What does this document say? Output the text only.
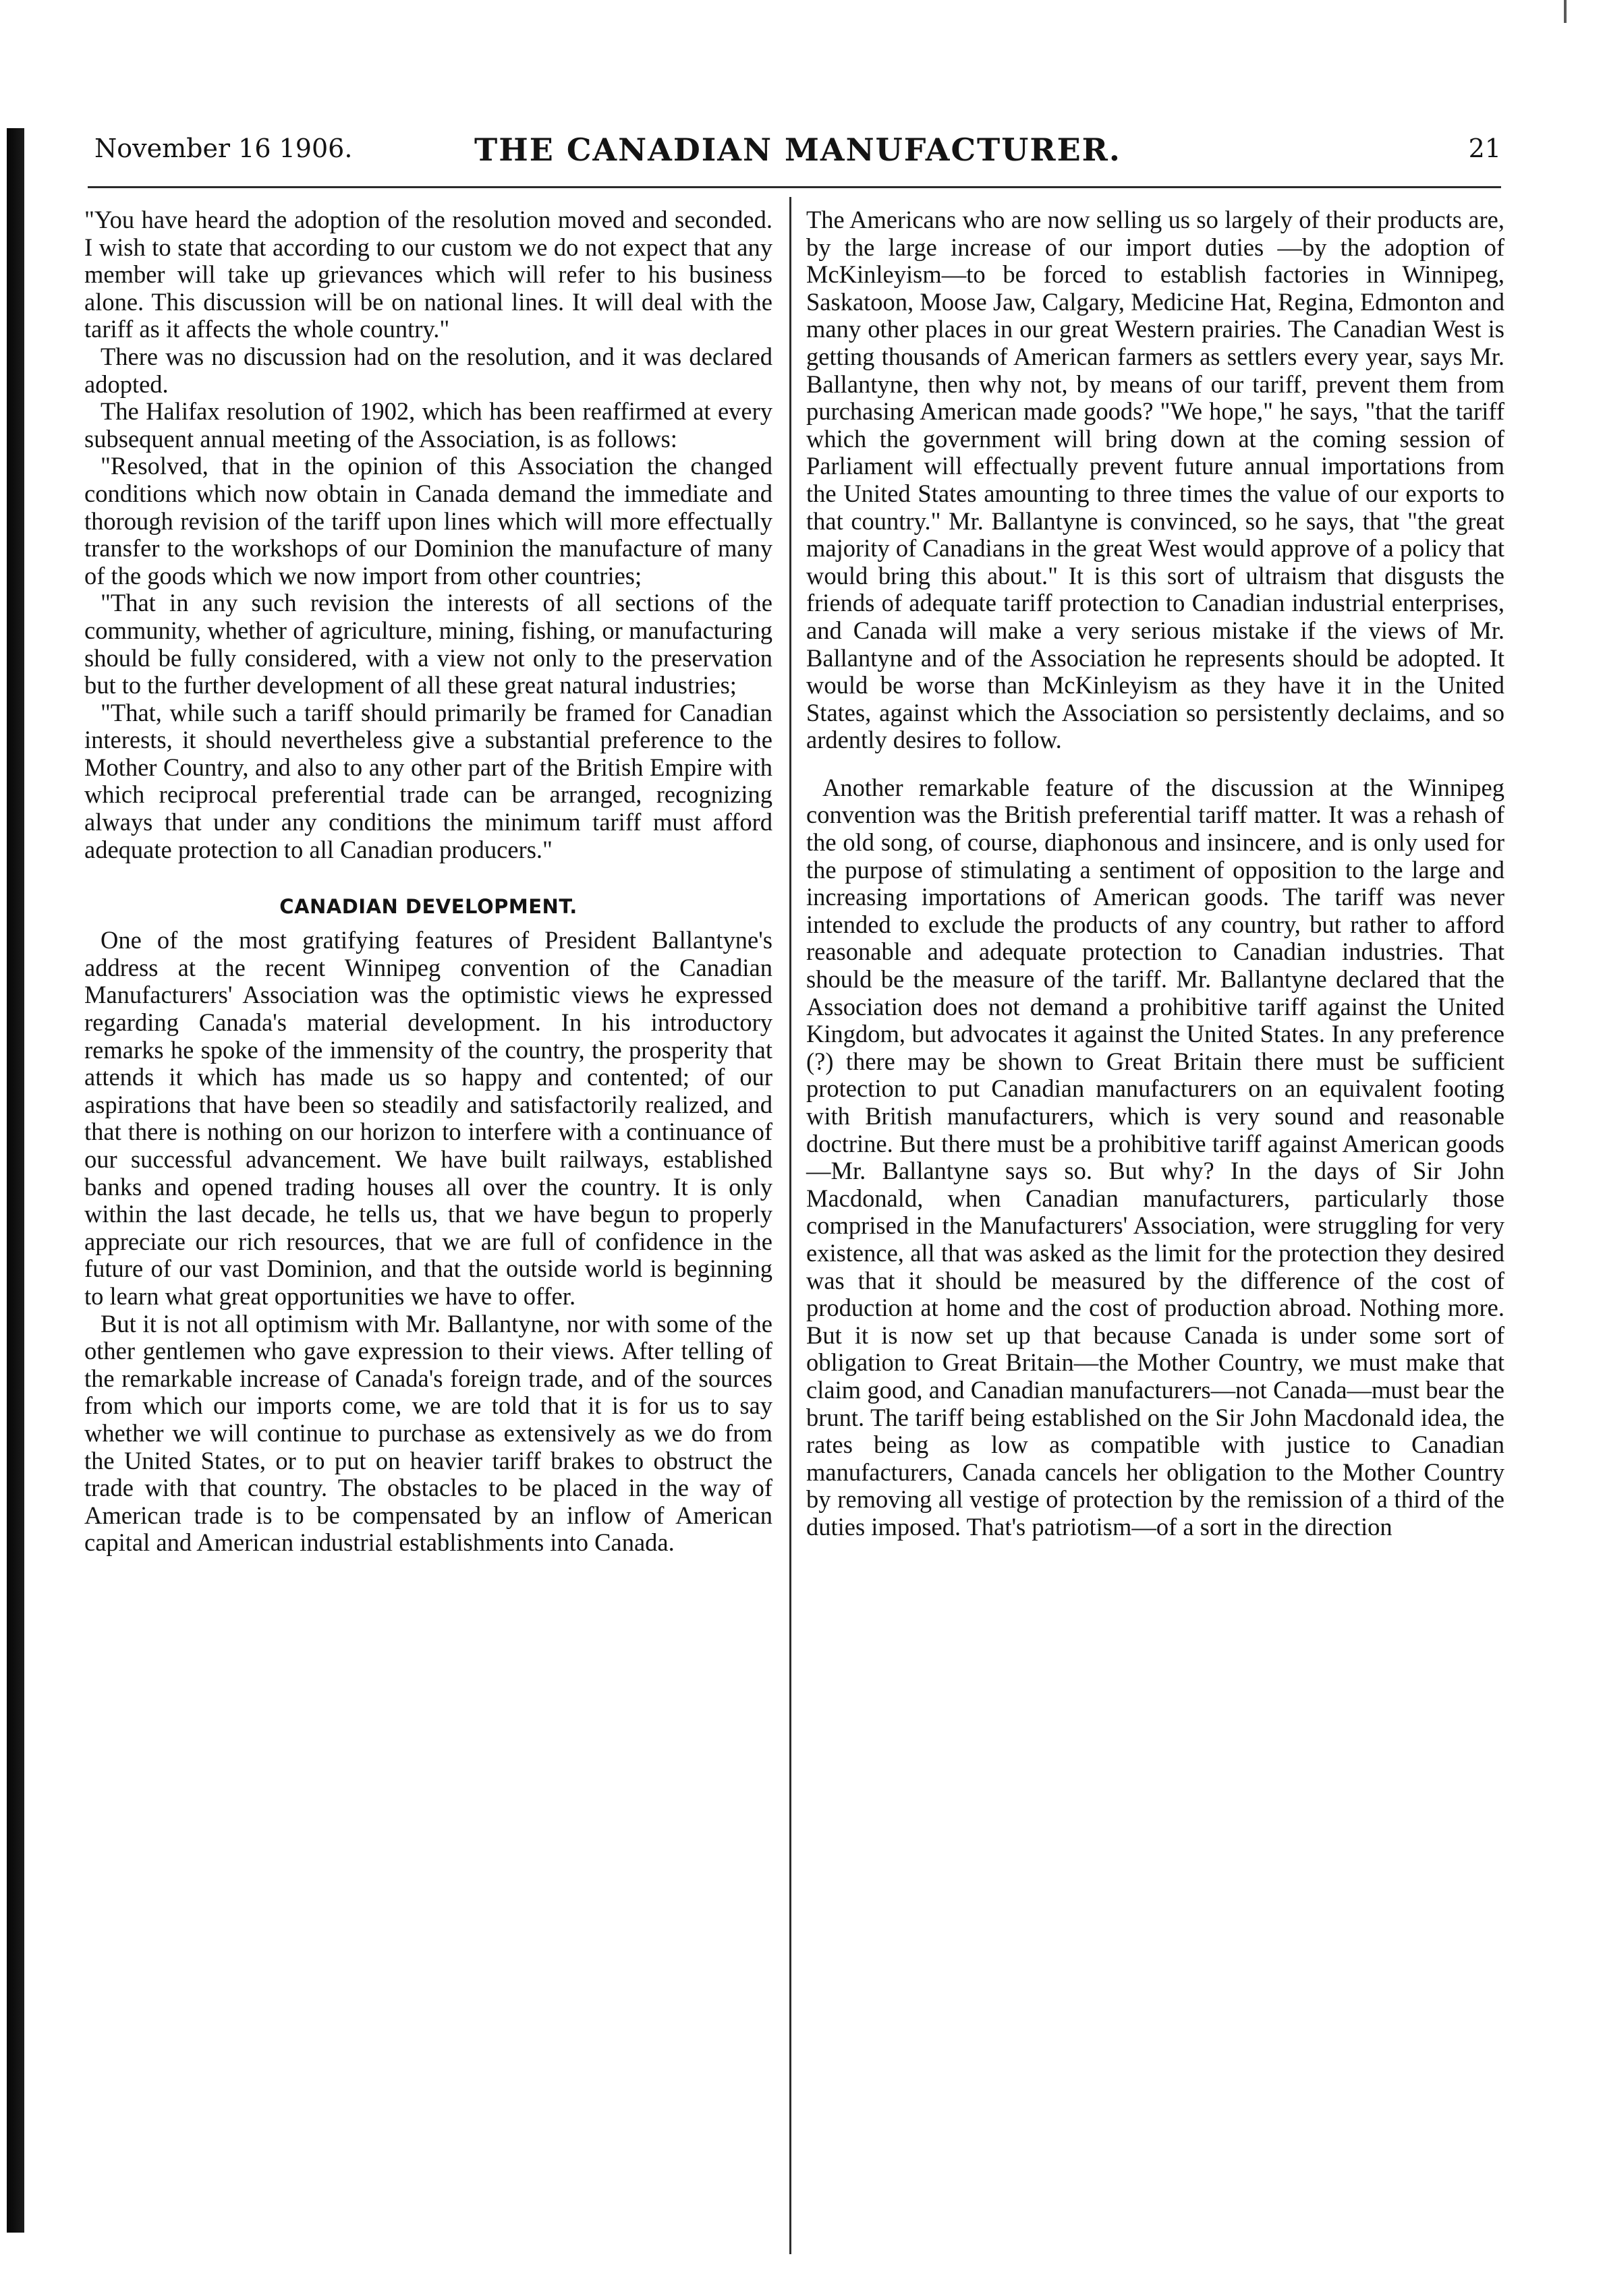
November 16 1906.	THE CANADIAN MANUFACTURER.	21

"You have heard the adoption of the resolution moved and seconded. I wish to state that according to our custom we do not expect that any member will take up grievances which will refer to his business alone. This discussion will be on national lines. It will deal with the tariff as it affects the whole country."

There was no discussion had on the resolution, and it was declared adopted.

The Halifax resolution of 1902, which has been reaffirmed at every subsequent annual meeting of the Association, is as follows:

"Resolved, that in the opinion of this Association the changed conditions which now obtain in Canada demand the immediate and thorough revision of the tariff upon lines which will more effectually transfer to the workshops of our Dominion the manufacture of many of the goods which we now import from other countries;

"That in any such revision the interests of all sections of the community, whether of agriculture, mining, fishing, or manufacturing should be fully considered, with a view not only to the preservation but to the further development of all these great natural industries;

"That, while such a tariff should primarily be framed for Canadian interests, it should nevertheless give a substantial preference to the Mother Country, and also to any other part of the British Empire with which reciprocal preferential trade can be arranged, recognizing always that under any conditions the minimum tariff must afford adequate protection to all Canadian producers."

CANADIAN DEVELOPMENT.

One of the most gratifying features of President Ballantyne's address at the recent Winnipeg convention of the Canadian Manufacturers' Association was the optimistic views he expressed regarding Canada's material development. In his introductory remarks he spoke of the immensity of the country, the prosperity that attends it which has made us so happy and contented; of our aspirations that have been so steadily and satisfactorily realized, and that there is nothing on our horizon to interfere with a continuance of our successful advancement. We have built railways, established banks and opened trading houses all over the country. It is only within the last decade, he tells us, that we have begun to properly appreciate our rich resources, that we are full of confidence in the future of our vast Dominion, and that the outside world is beginning to learn what great opportunities we have to offer.

But it is not all optimism with Mr. Ballantyne, nor with some of the other gentlemen who gave expression to their views. After telling of the remarkable increase of Canada's foreign trade, and of the sources from which our imports come, we are told that it is for us to say whether we will continue to purchase as extensively as we do from the United States, or to put on heavier tariff brakes to obstruct the trade with that country. The obstacles to be placed in the way of American trade is to be compensated by an inflow of American capital and American industrial establishments into Canada.

The Americans who are now selling us so largely of their products are, by the large increase of our import duties —by the adoption of McKinleyism—to be forced to establish factories in Winnipeg, Saskatoon, Moose Jaw, Calgary, Medicine Hat, Regina, Edmonton and many other places in our great Western prairies. The Canadian West is getting thousands of American farmers as settlers every year, says Mr. Ballantyne, then why not, by means of our tariff, prevent them from purchasing American made goods? "We hope," he says, "that the tariff which the government will bring down at the coming session of Parliament will effectually prevent future annual importations from the United States amounting to three times the value of our exports to that country." Mr. Ballantyne is convinced, so he says, that "the great majority of Canadians in the great West would approve of a policy that would bring this about." It is this sort of ultraism that disgusts the friends of adequate tariff protection to Canadian industrial enterprises, and Canada will make a very serious mistake if the views of Mr. Ballantyne and of the Association he represents should be adopted. It would be worse than McKinleyism as they have it in the United States, against which the Association so persistently declaims, and so ardently desires to follow.

Another remarkable feature of the discussion at the Winnipeg convention was the British preferential tariff matter. It was a rehash of the old song, of course, diaphonous and insincere, and is only used for the purpose of stimulating a sentiment of opposition to the large and increasing importations of American goods. The tariff was never intended to exclude the products of any country, but rather to afford reasonable and adequate protection to Canadian industries. That should be the measure of the tariff. Mr. Ballantyne declared that the Association does not demand a prohibitive tariff against the United Kingdom, but advocates it against the United States. In any preference (?) there may be shown to Great Britain there must be sufficient protection to put Canadian manufacturers on an equivalent footing with British manufacturers, which is very sound and reasonable doctrine. But there must be a prohibitive tariff against American goods—Mr. Ballantyne says so. But why? In the days of Sir John Macdonald, when Canadian manufacturers, particularly those comprised in the Manufacturers' Association, were struggling for very existence, all that was asked as the limit for the protection they desired was that it should be measured by the difference of the cost of production at home and the cost of production abroad. Nothing more. But it is now set up that because Canada is under some sort of obligation to Great Britain—the Mother Country, we must make that claim good, and Canadian manufacturers—not Canada—must bear the brunt. The tariff being established on the Sir John Macdonald idea, the rates being as low as compatible with justice to Canadian manufacturers, Canada cancels her obligation to the Mother Country by removing all vestige of protection by the remission of a third of the duties imposed. That's patriotism—of a sort in the direction
